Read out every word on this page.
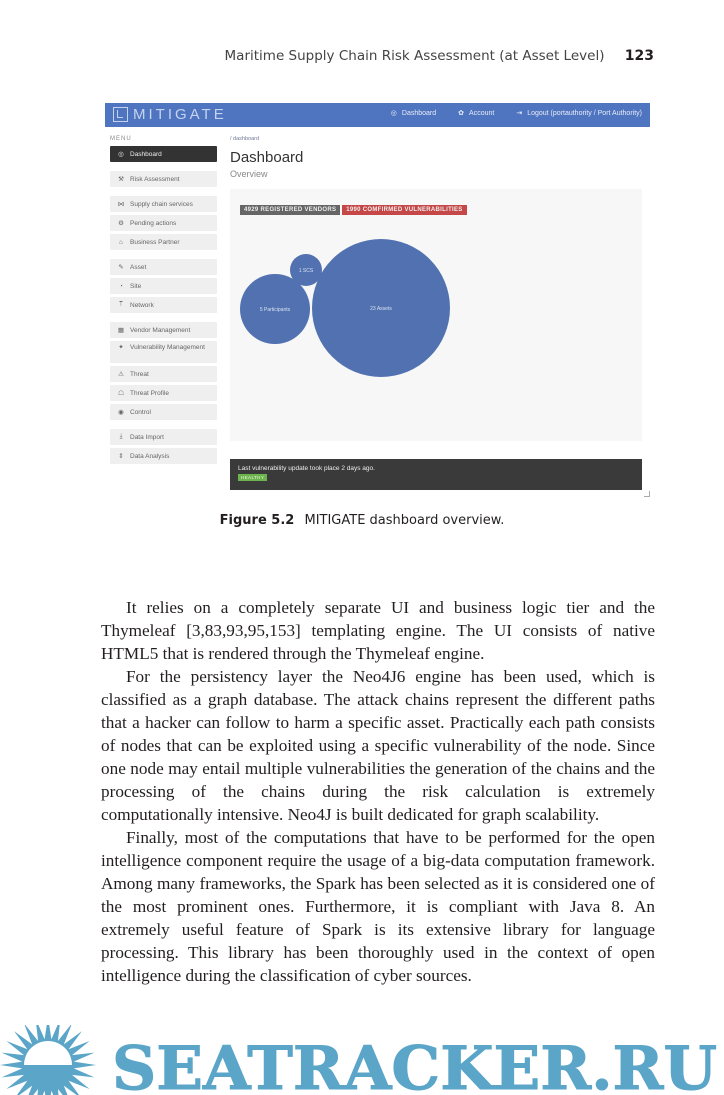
Maritime Supply Chain Risk Assessment (at Asset Level) 123
MITIGATE	◎ Dashboard	✿ Account	⇥ Logout (portauthority / Port Authority)
MENU
◎ Dashboard
⚒ Risk Assessment
⋈ Supply chain services
⚙ Pending actions
⌂	Business Partner
✎ Asset
◔	Site
⍑	Network
▦ Vendor Management
✦ Vulnerability Management
⚠ Threat
☖ Threat Profile
◉ Control
⤓	Data Import
⇕ Data Analysis
/ dashboard
Dashboard
Overview
4929 REGISTERED VENDORS	1990 COMFIRMED VULNERABILITIES
1 SCS
5 Participants	23 Assets
Last vulnerability update took place 2 days ago.
HEALTHY
Figure 5.2 MITIGATE dashboard overview.

It relies on a completely separate UI and business logic tier and the Thymeleaf [3,83,93,95,153] templating engine. The UI consists of native HTML5 that is rendered through the Thymeleaf engine.

For the persistency layer the Neo4J6 engine has been used, which is classified as a graph database. The attack chains represent the different paths that a hacker can follow to harm a specific asset. Practically each path consists of nodes that can be exploited using a specific vulnerability of the node. Since one node may entail multiple vulnerabilities the generation of the chains and the processing of the chains during the risk calculation is extremely computationally intensive. Neo4J is built dedicated for graph scalability.

Finally, most of the computations that have to be performed for the open intelligence component require the usage of a big-data computation framework. Among many frameworks, the Spark has been selected as it is considered one of the most prominent ones. Furthermore, it is compliant with Java 8. An extremely useful feature of Spark is its extensive library for language processing. This library has been thoroughly used in the context of open intelligence during the classification of cyber sources.

SEATRACKER.RU
